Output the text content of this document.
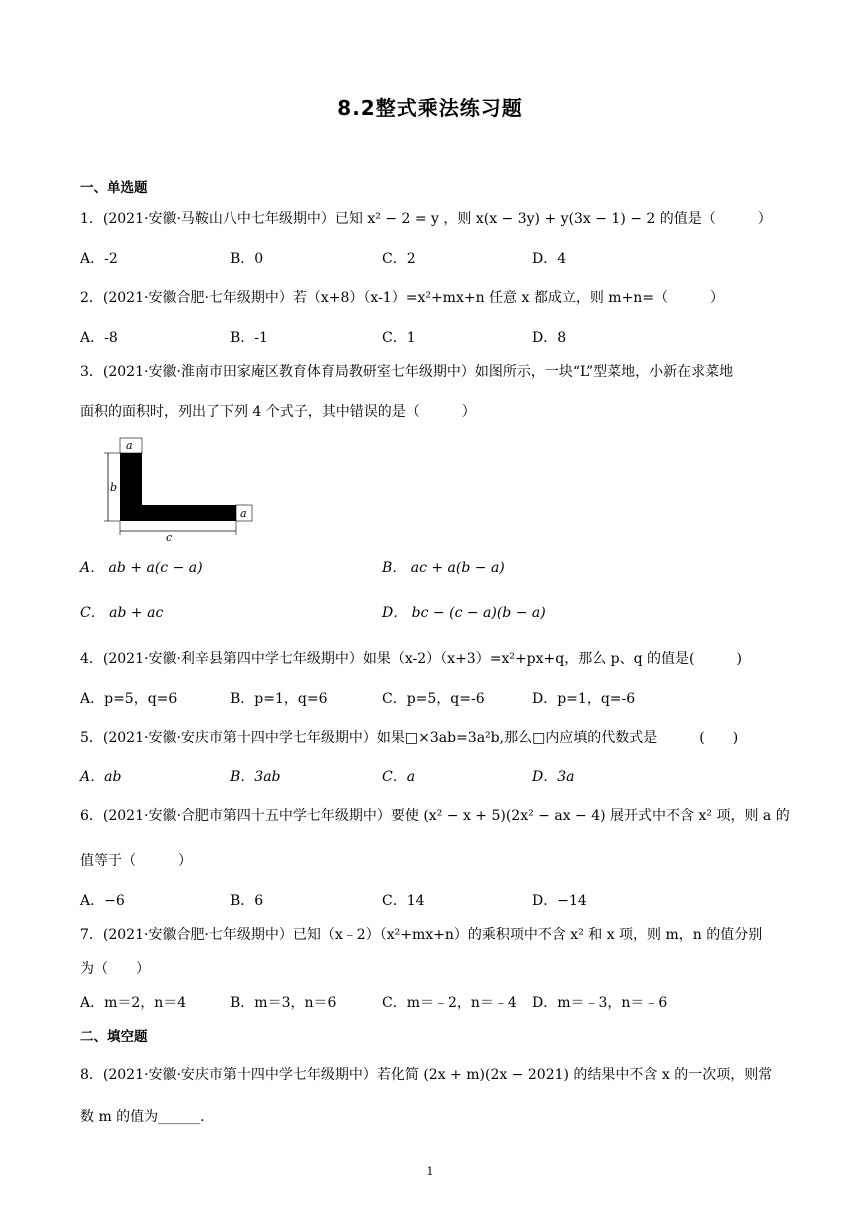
8.2整式乘法练习题
一、单选题
1．(2021·安徽·马鞍山八中七年级期中）已知 x² − 2 = y ，则 x(x − 3y) + y(3x − 1) − 2 的值是（　　　）
A．-2	B．0	C．2	D．4
2．(2021·安徽合肥·七年级期中）若（x+8）（x-1）=x²+mx+n 任意 x 都成立，则 m+n=（　　　）
A．-8	B．-1	C．1	D．8
3．(2021·安徽·淮南市田家庵区教育体育局教研室七年级期中）如图所示，一块“L”型菜地，小新在求菜地
面积的面积时，列出了下列 4 个式子，其中错误的是（　　　）
a
b
c
a
A． ab + a(c − a)	B． ac + a(b − a)
C． ab + ac	D． bc − (c − a)(b − a)
4．(2021·安徽·利辛县第四中学七年级期中）如果（x-2）（x+3）=x²+px+q，那么 p、q 的值是(　　　)
A．p=5，q=6	B．p=1，q=6	C．p=5，q=-6	D．p=1，q=-6
5．(2021·安徽·安庆市第十四中学七年级期中）如果□×3ab=3a²b,那么□内应填的代数式是　　　(　　)
A．ab	B．3ab	C．a	D．3a
6．(2021·安徽·合肥市第四十五中学七年级期中）要使 (x² − x + 5)(2x² − ax − 4) 展开式中不含 x² 项，则 a 的
值等于（　　　）
A．−6	B．6	C．14	D．−14
7．(2021·安徽合肥·七年级期中）已知（x﹣2）（x²+mx+n）的乘积项中不含 x² 和 x 项，则 m，n 的值分别
为（　　）
A．m＝2，n＝4	B．m＝3，n＝6	C．m＝﹣2，n＝﹣4 D．m＝﹣3，n＝﹣6
二、填空题
8．(2021·安徽·安庆市第十四中学七年级期中）若化简 (2x + m)(2x − 2021) 的结果中不含 x 的一次项，则常
数 m 的值为______.
1
